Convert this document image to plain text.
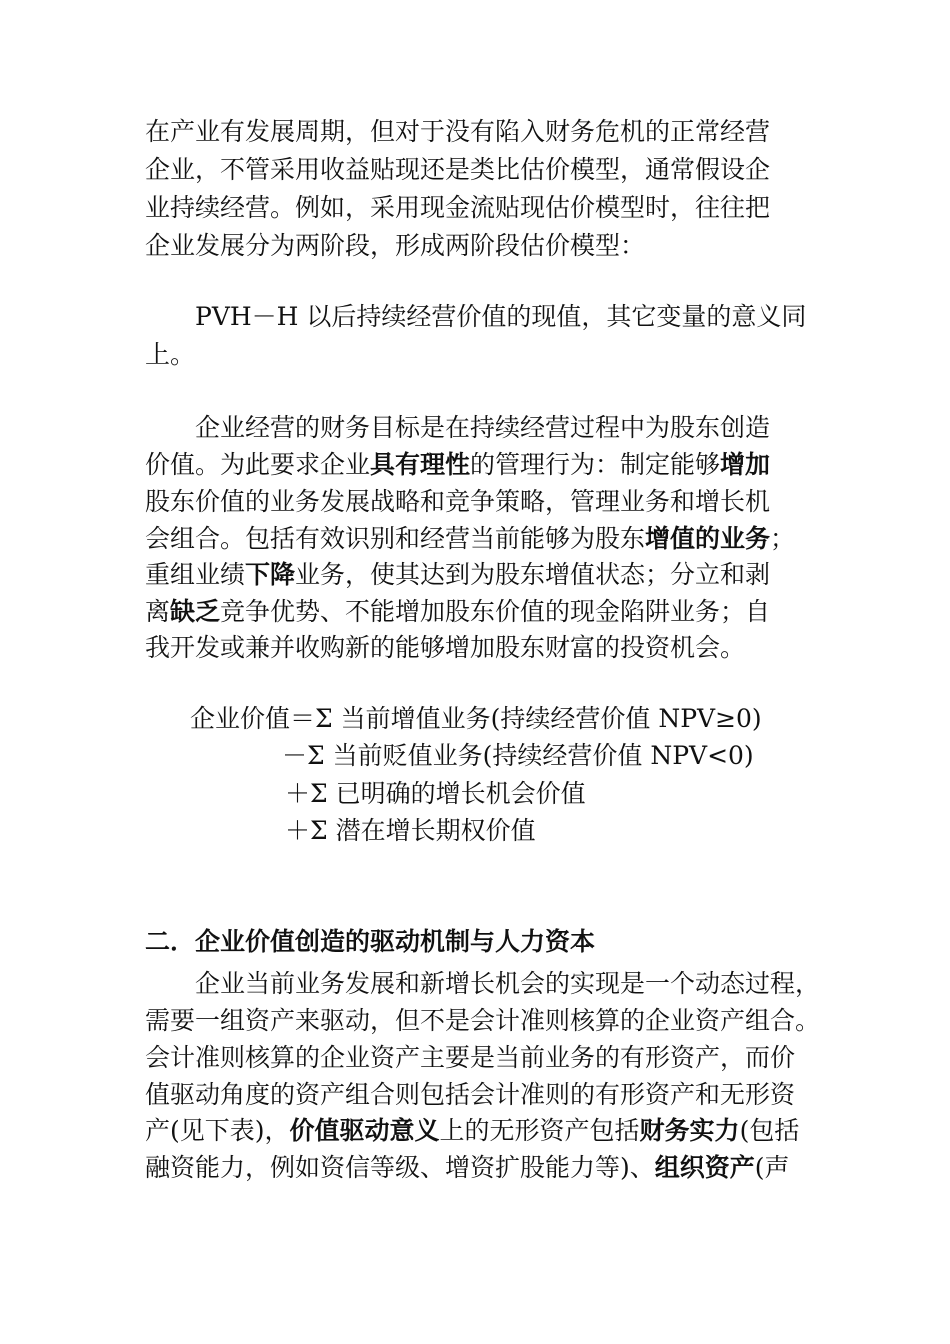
在产业有发展周期，但对于没有陷入财务危机的正常经营
企业，不管采用收益贴现还是类比估价模型，通常假设企
业持续经营。例如，采用现金流贴现估价模型时，往往把
企业发展分为两阶段，形成两阶段估价模型：
PVH－H 以后持续经营价值的现值，其它变量的意义同
上。
企业经营的财务目标是在持续经营过程中为股东创造
价值。为此要求企业具有理性的管理行为：制定能够增加
股东价值的业务发展战略和竞争策略，管理业务和增长机
会组合。包括有效识别和经营当前能够为股东增值的业务；
重组业绩下降业务，使其达到为股东增值状态；分立和剥
离缺乏竞争优势、不能增加股东价值的现金陷阱业务；自
我开发或兼并收购新的能够增加股东财富的投资机会。
企业价值＝Σ 当前增值业务(持续经营价值 NPV≥0)
－Σ 当前贬值业务(持续经营价值 NPV<0)
＋Σ 已明确的增长机会价值
＋Σ 潜在增长期权价值
二．企业价值创造的驱动机制与人力资本
企业当前业务发展和新增长机会的实现是一个动态过程，
需要一组资产来驱动，但不是会计准则核算的企业资产组合。
会计准则核算的企业资产主要是当前业务的有形资产，而价
值驱动角度的资产组合则包括会计准则的有形资产和无形资
产(见下表)，价值驱动意义上的无形资产包括财务实力(包括
融资能力，例如资信等级、增资扩股能力等)、组织资产(声
